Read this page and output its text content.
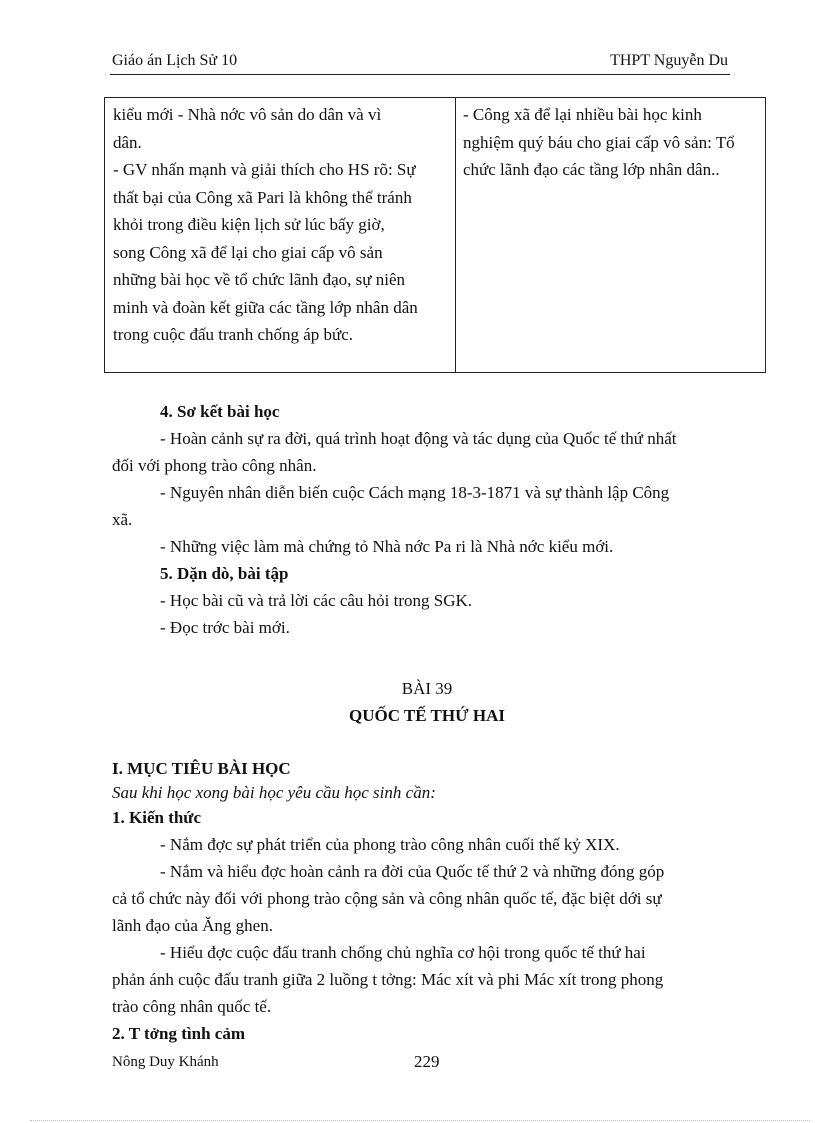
Giáo án Lịch Sử 10	THPT Nguyễn Du

kiểu mới - Nhà nớc vô sản do dân và vì

dân.

- GV nhấn mạnh và giải thích cho HS rõ: Sự

thất bại của Công xã Pari là không thể tránh

khỏi trong điều kiện lịch sử lúc bấy giờ,

song Công xã để lại cho giai cấp vô sản

những bài học về tổ chức lãnh đạo, sự niên

minh và đoàn kết giữa các tầng lớp nhân dân

trong cuộc đấu tranh chống áp bức.

- Công xã để lại nhiều bài học kinh

nghiệm quý báu cho giai cấp vô sản: Tổ

chức lãnh đạo các tầng lớp nhân dân..

4. Sơ kết bài học

- Hoàn cảnh sự ra đời, quá trình hoạt động và tác dụng của Quốc tế thứ nhất

đối với phong trào công nhân.

- Nguyên nhân diễn biến cuộc Cách mạng 18-3-1871 và sự thành lập Công

xã.

- Những việc làm mà chứng tỏ Nhà nớc Pa ri là Nhà nớc kiểu mới.

5. Dặn dò, bài tập

- Học bài cũ và trả lời các câu hỏi trong SGK.

- Đọc trớc bài mới.

BÀI 39

QUỐC TẾ THỨ HAI

I. MỤC TIÊU BÀI HỌC

Sau khi học xong bài học yêu cầu học sinh cần:

1. Kiến thức

- Nắm đợc sự phát triển của phong trào công nhân cuối thế kỷ XIX.

- Nắm và hiểu đợc hoàn cảnh ra đời của Quốc tế thứ 2 và những đóng góp

cả tổ chức này đối với phong trào cộng sản và công nhân quốc tế, đặc biệt dới sự

lãnh đạo của Ăng ghen.

- Hiểu đợc cuộc đấu tranh chống chủ nghĩa cơ hội trong quốc tế thứ hai

phản ánh cuộc đấu tranh giữa 2 luồng t tởng: Mác xít và phi Mác xít trong phong

trào công nhân quốc tế.

2. T tởng tình cảm

Nông Duy Khánh	229
